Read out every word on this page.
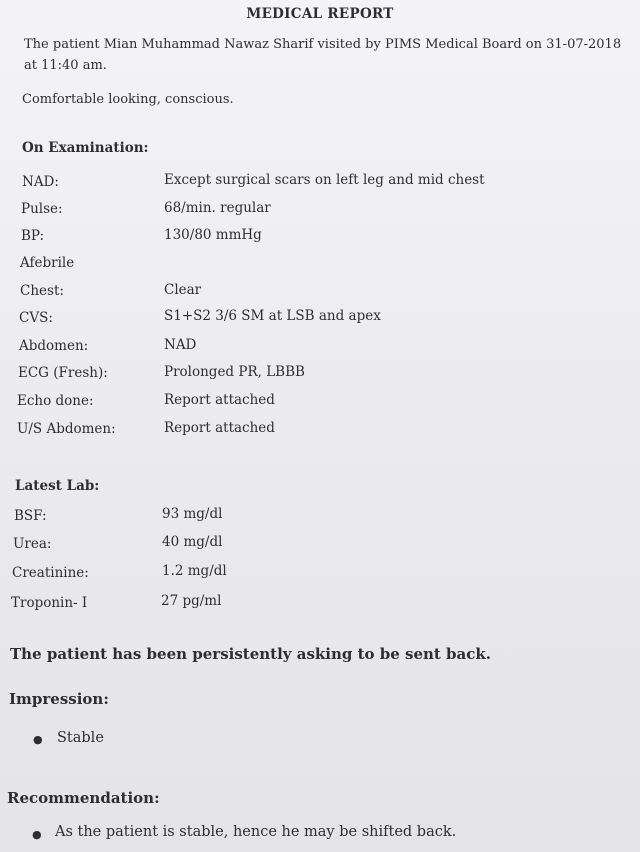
MEDICAL REPORT
The patient Mian Muhammad Nawaz Sharif visited by PIMS Medical Board on 31-07-2018 at 11:40 am.
Comfortable looking, conscious.
On Examination:
NAD:	Except surgical scars on left leg and mid chest
Pulse:	68/min. regular
BP:	130/80 mmHg
Afebrile
Chest:	Clear
CVS:	S1+S2 3/6 SM at LSB and apex
Abdomen:	NAD
ECG (Fresh):	Prolonged PR, LBBB
Echo done:	Report attached
U/S Abdomen:	Report attached
Latest Lab:
BSF:	93 mg/dl
Urea:	40 mg/dl
Creatinine:	1.2 mg/dl
Troponin- I	27 pg/ml
The patient has been persistently asking to be sent back.
Impression:
● Stable
Recommendation:
● As the patient is stable, hence he may be shifted back.
